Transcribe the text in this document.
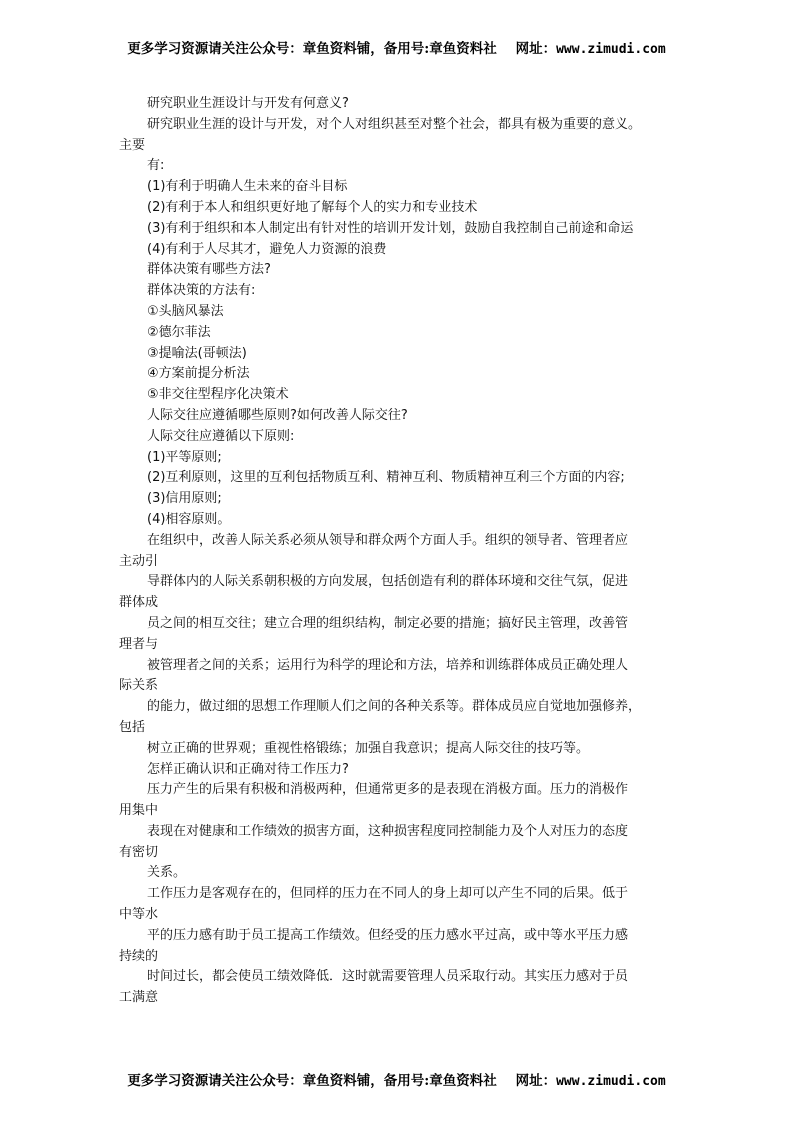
更多学习资源请关注公众号：章鱼资料铺，备用号:章鱼资料社 网址：www.zimudi.com
研究职业生涯设计与开发有何意义?
研究职业生涯的设计与开发，对个人对组织甚至对整个社会，都具有极为重要的意义。
主要
有:
(1)有利于明确人生未来的奋斗目标
(2)有利于本人和组织更好地了解每个人的实力和专业技术
(3)有利于组织和本人制定出有针对性的培训开发计划，鼓励自我控制自己前途和命运
(4)有利于人尽其才，避免人力资源的浪费
群体决策有哪些方法?
群体决策的方法有:
①头脑风暴法
②德尔菲法
③提喻法(哥顿法)
④方案前提分析法
⑤非交往型程序化决策术
人际交往应遵循哪些原则?如何改善人际交往?
人际交往应遵循以下原则:
(1)平等原则;
(2)互利原则，这里的互利包括物质互利、精神互利、物质精神互利三个方面的内容;
(3)信用原则;
(4)相容原则。
在组织中，改善人际关系必须从领导和群众两个方面人手。组织的领导者、管理者应
主动引
导群体内的人际关系朝积极的方向发展，包括创造有利的群体环境和交往气氛，促进
群体成
员之间的相互交往；建立合理的组织结构，制定必要的措施；搞好民主管理，改善管
理者与
被管理者之间的关系；运用行为科学的理论和方法，培养和训练群体成员正确处理人
际关系
的能力，做过细的思想工作理顺人们之间的各种关系等。群体成员应自觉地加强修养，
包括
树立正确的世界观；重视性格锻练；加强自我意识；提高人际交往的技巧等。
怎样正确认识和正确对待工作压力?
压力产生的后果有积极和消极两种，但通常更多的是表现在消极方面。压力的消极作
用集中
表现在对健康和工作绩效的损害方面，这种损害程度同控制能力及个人对压力的态度
有密切
关系。
工作压力是客观存在的，但同样的压力在不同人的身上却可以产生不同的后果。低于
中等水
平的压力感有助于员工提高工作绩效。但经受的压力感水平过高，或中等水平压力感
持续的
时间过长，都会使员工绩效降低．这时就需要管理人员采取行动。其实压力感对于员
工满意
更多学习资源请关注公众号：章鱼资料铺，备用号:章鱼资料社 网址：www.zimudi.com
